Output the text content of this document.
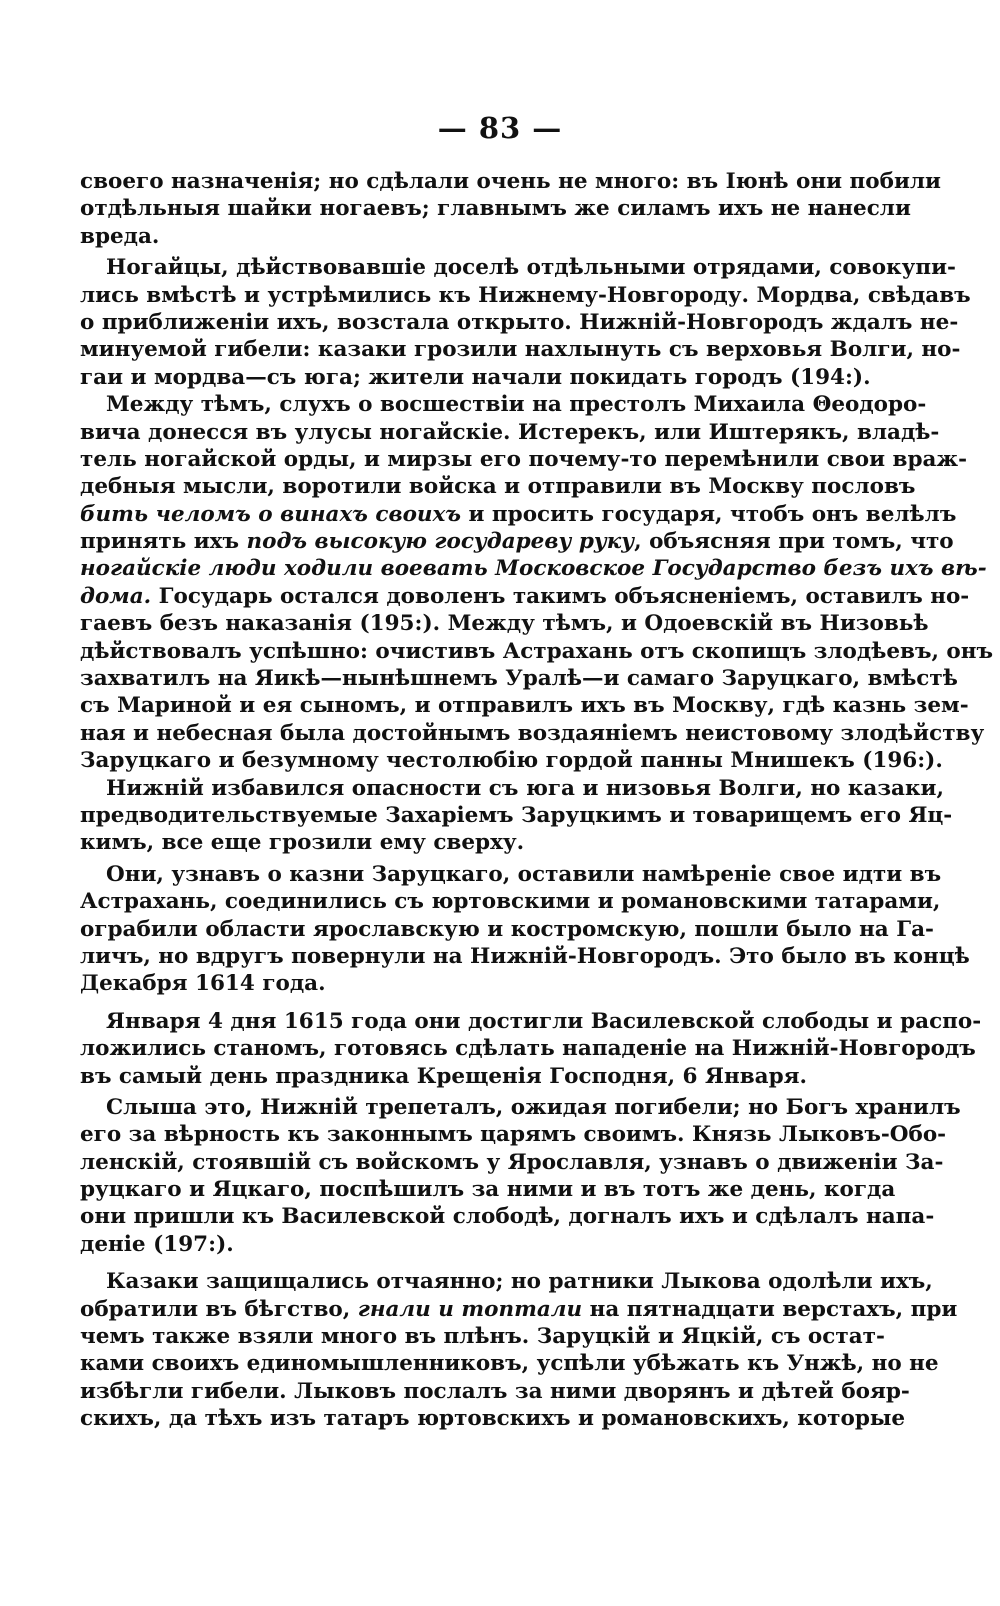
— 83 —
своего назначенія; но сдѣлали очень не много: въ Іюнѣ они побили
отдѣльныя шайки ногаевъ; главнымъ же силамъ ихъ не нанесли
вреда.
Ногайцы, дѣйствовавшіе доселѣ отдѣльными отрядами, совокупи-
лись вмѣстѣ и устрѣмились къ Нижнему-Новгороду. Мордва, свѣдавъ
о приближеніи ихъ, возстала открыто. Нижній-Новгородъ ждалъ не-
минуемой гибели: казаки грозили нахлынуть съ верховья Волги, но-
гаи и мордва—съ юга; жители начали покидать городъ (194:).
Между тѣмъ, слухъ о восшествіи на престолъ Михаила Θеодоро-
вича донесся въ улусы ногайскіе. Истерекъ, или Иштерякъ, владѣ-
тель ногайской орды, и мирзы его почему-то перемѣнили свои враж-
дебныя мысли, воротили войска и отправили въ Москву пословъ
бить челомъ о винахъ своихъ и просить государя, чтобъ онъ велѣлъ
принять ихъ подъ высокую государеву руку, объясняя при томъ, что
ногайскіе люди ходили воевать Московское Государство безъ ихъ вѣ-
дома. Государь остался доволенъ такимъ объясненіемъ, оставилъ но-
гаевъ безъ наказанія (195:). Между тѣмъ, и Одоевскій въ Низовьѣ
дѣйствовалъ успѣшно: очистивъ Астрахань отъ скопищъ злодѣевъ, онъ
захватилъ на Яикѣ—нынѣшнемъ Уралѣ—и самаго Заруцкаго, вмѣстѣ
съ Мариной и ея сыномъ, и отправилъ ихъ въ Москву, гдѣ казнь зем-
ная и небесная была достойнымъ воздаяніемъ неистовому злодѣйству
Заруцкаго и безумному честолюбію гордой панны Мнишекъ (196:).
Нижній избавился опасности съ юга и низовья Волги, но казаки,
предводительствуемые Захаріемъ Заруцкимъ и товарищемъ его Яц-
кимъ, все еще грозили ему сверху.
Они, узнавъ о казни Заруцкаго, оставили намѣреніе свое идти въ
Астрахань, соединились съ юртовскими и романовскими татарами,
ограбили области ярославскую и костромскую, пошли было на Га-
личъ, но вдругъ повернули на Нижній-Новгородъ. Это было въ концѣ
Декабря 1614 года.
Января 4 дня 1615 года они достигли Василевской слободы и распо-
ложились станомъ, готовясь сдѣлать нападеніе на Нижній-Новгородъ
въ самый день праздника Крещенія Господня, 6 Января.
Слыша это, Нижній трепеталъ, ожидая погибели; но Богъ хранилъ
его за вѣрность къ законнымъ царямъ своимъ. Князь Лыковъ-Обо-
ленскій, стоявшій съ войскомъ у Ярославля, узнавъ о движеніи За-
руцкаго и Яцкаго, поспѣшилъ за ними и въ тотъ же день, когда
они пришли къ Василевской слободѣ, догналъ ихъ и сдѣлалъ напа-
деніе (197:).
Казаки защищались отчаянно; но ратники Лыкова одолѣли ихъ,
обратили въ бѣгство, гнали и топтали на пятнадцати верстахъ, при
чемъ также взяли много въ плѣнъ. Заруцкій и Яцкій, съ остат-
ками своихъ единомышленниковъ, успѣли убѣжать къ Унжѣ, но не
избѣгли гибели. Лыковъ послалъ за ними дворянъ и дѣтей бояр-
скихъ, да тѣхъ изъ татаръ юртовскихъ и романовскихъ, которые
